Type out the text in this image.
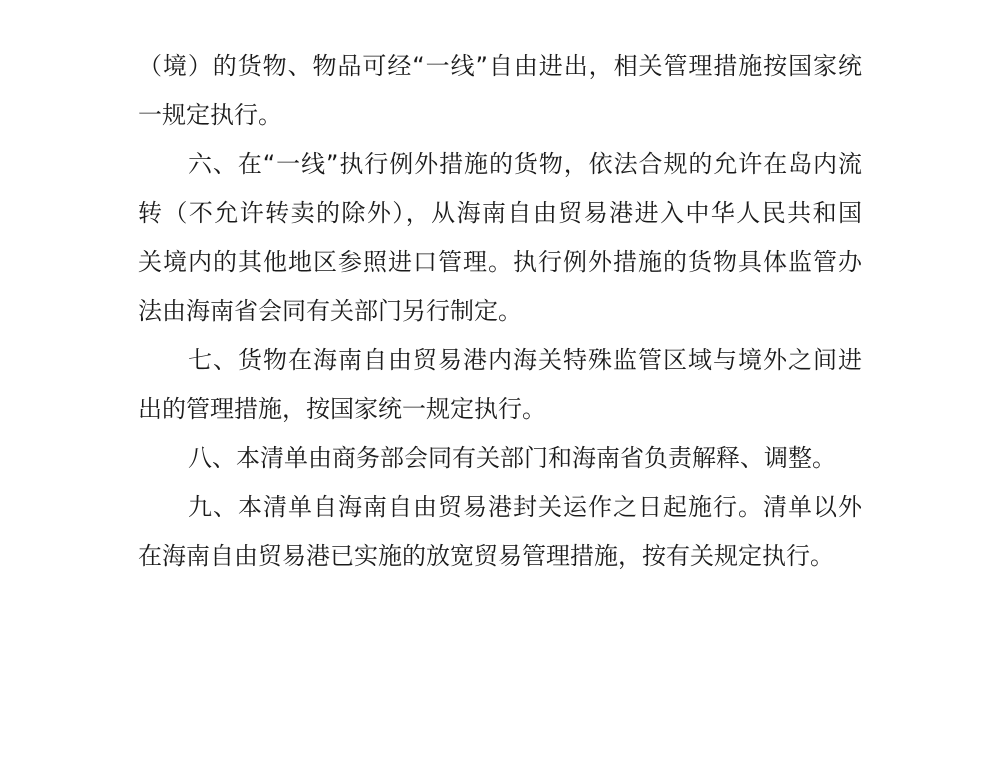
（境）的货物、物品可经“一线”自由进出，相关管理措施按国家统
一规定执行。
六、在“一线”执行例外措施的货物，依法合规的允许在岛内流
转（不允许转卖的除外），从海南自由贸易港进入中华人民共和国
关境内的其他地区参照进口管理。执行例外措施的货物具体监管办
法由海南省会同有关部门另行制定。
七、货物在海南自由贸易港内海关特殊监管区域与境外之间进
出的管理措施，按国家统一规定执行。
八、本清单由商务部会同有关部门和海南省负责解释、调整。
九、本清单自海南自由贸易港封关运作之日起施行。清单以外
在海南自由贸易港已实施的放宽贸易管理措施，按有关规定执行。
